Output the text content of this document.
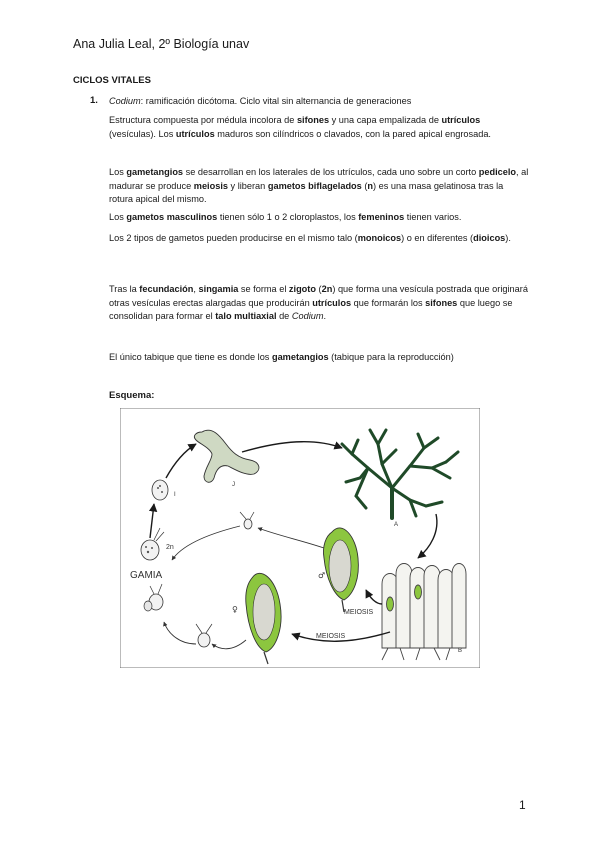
Ana Julia Leal, 2º Biología unav
CICLOS VITALES
1. Codium: ramificación dicótoma. Ciclo vital sin alternancia de generaciones
Estructura compuesta por médula incolora de sifones y una capa empalizada de utrículos (vesículas). Los utrículos maduros son cilíndricos o clavados, con la pared apical engrosada.
Los gametangios se desarrollan en los laterales de los utrículos, cada uno sobre un corto pedicelo, al madurar se produce meiosis y liberan gametos biflagelados (n) es una masa gelatinosa tras la rotura apical del mismo.
Los gametos masculinos tienen sólo 1 o 2 cloroplastos, los femeninos tienen varios.
Los 2 tipos de gametos pueden producirse en el mismo talo (monoicos) o en diferentes (dioicos).
Tras la fecundación, singamia se forma el zigoto (2n) que forma una vesícula postrada que originará otras vesículas erectas alargadas que producirán utrículos que formarán los sifones que luego se consolidan para formar el talo multiaxial de Codium.
El único tabique que tiene es donde los gametangios (tabique para la reproducción)
Esquema:
J
A
B
♂
MEIOSIS
♀
MEIOSIS
GAMIA
2n
I
1
